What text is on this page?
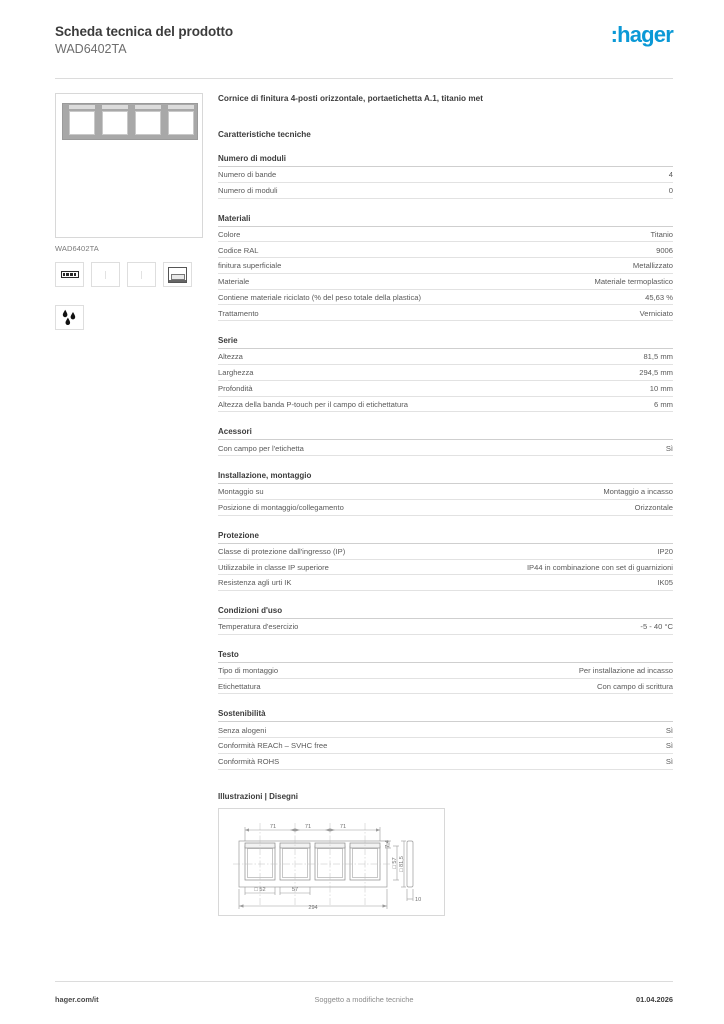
Scheda tecnica del prodotto
WAD6402TA
:hager
WAD6402TA
Cornice di finitura 4-posti orizzontale, portaetichetta A.1, titanio met
Caratteristiche tecniche
Numero di moduli
Numero di bande	4
Numero di moduli	0
Materiali
Colore	Titanio
Codice RAL	9006
finitura superficiale	Metallizzato
Materiale	Materiale termoplastico
Contiene materiale riciclato (% del peso totale della plastica)	45,63 %
Trattamento	Verniciato
Serie
Altezza	81,5 mm
Larghezza	294,5 mm
Profondità	10 mm
Altezza della banda P-touch per il campo di etichettatura	6 mm
Acessori
Con campo per l'etichetta	Sì
Installazione, montaggio
Montaggio su	Montaggio a incasso
Posizione di montaggio/collegamento	Orizzontale
Protezione
Classe di protezione dall'ingresso (IP)	IP20
Utilizzabile in classe IP superiore	IP44 in combinazione con set di guarnizioni
Resistenza agli urti IK	IK05
Condizioni d'uso
Temperatura d'esercizio	-5 - 40 °C
Testo
Tipo di montaggio	Per installazione ad incasso
Etichettatura	Con campo di scrittura
Sostenibilità
Senza alogeni	Sì
Conformità REACh – SVHC free	Sì
Conformità ROHS	Sì
Illustrazioni | Disegni
71	71	71
□ 52	57
294
10
7,4
□ 57 □ 81,5
hager.com/it	Soggetto a modifiche tecniche	01.04.2026
